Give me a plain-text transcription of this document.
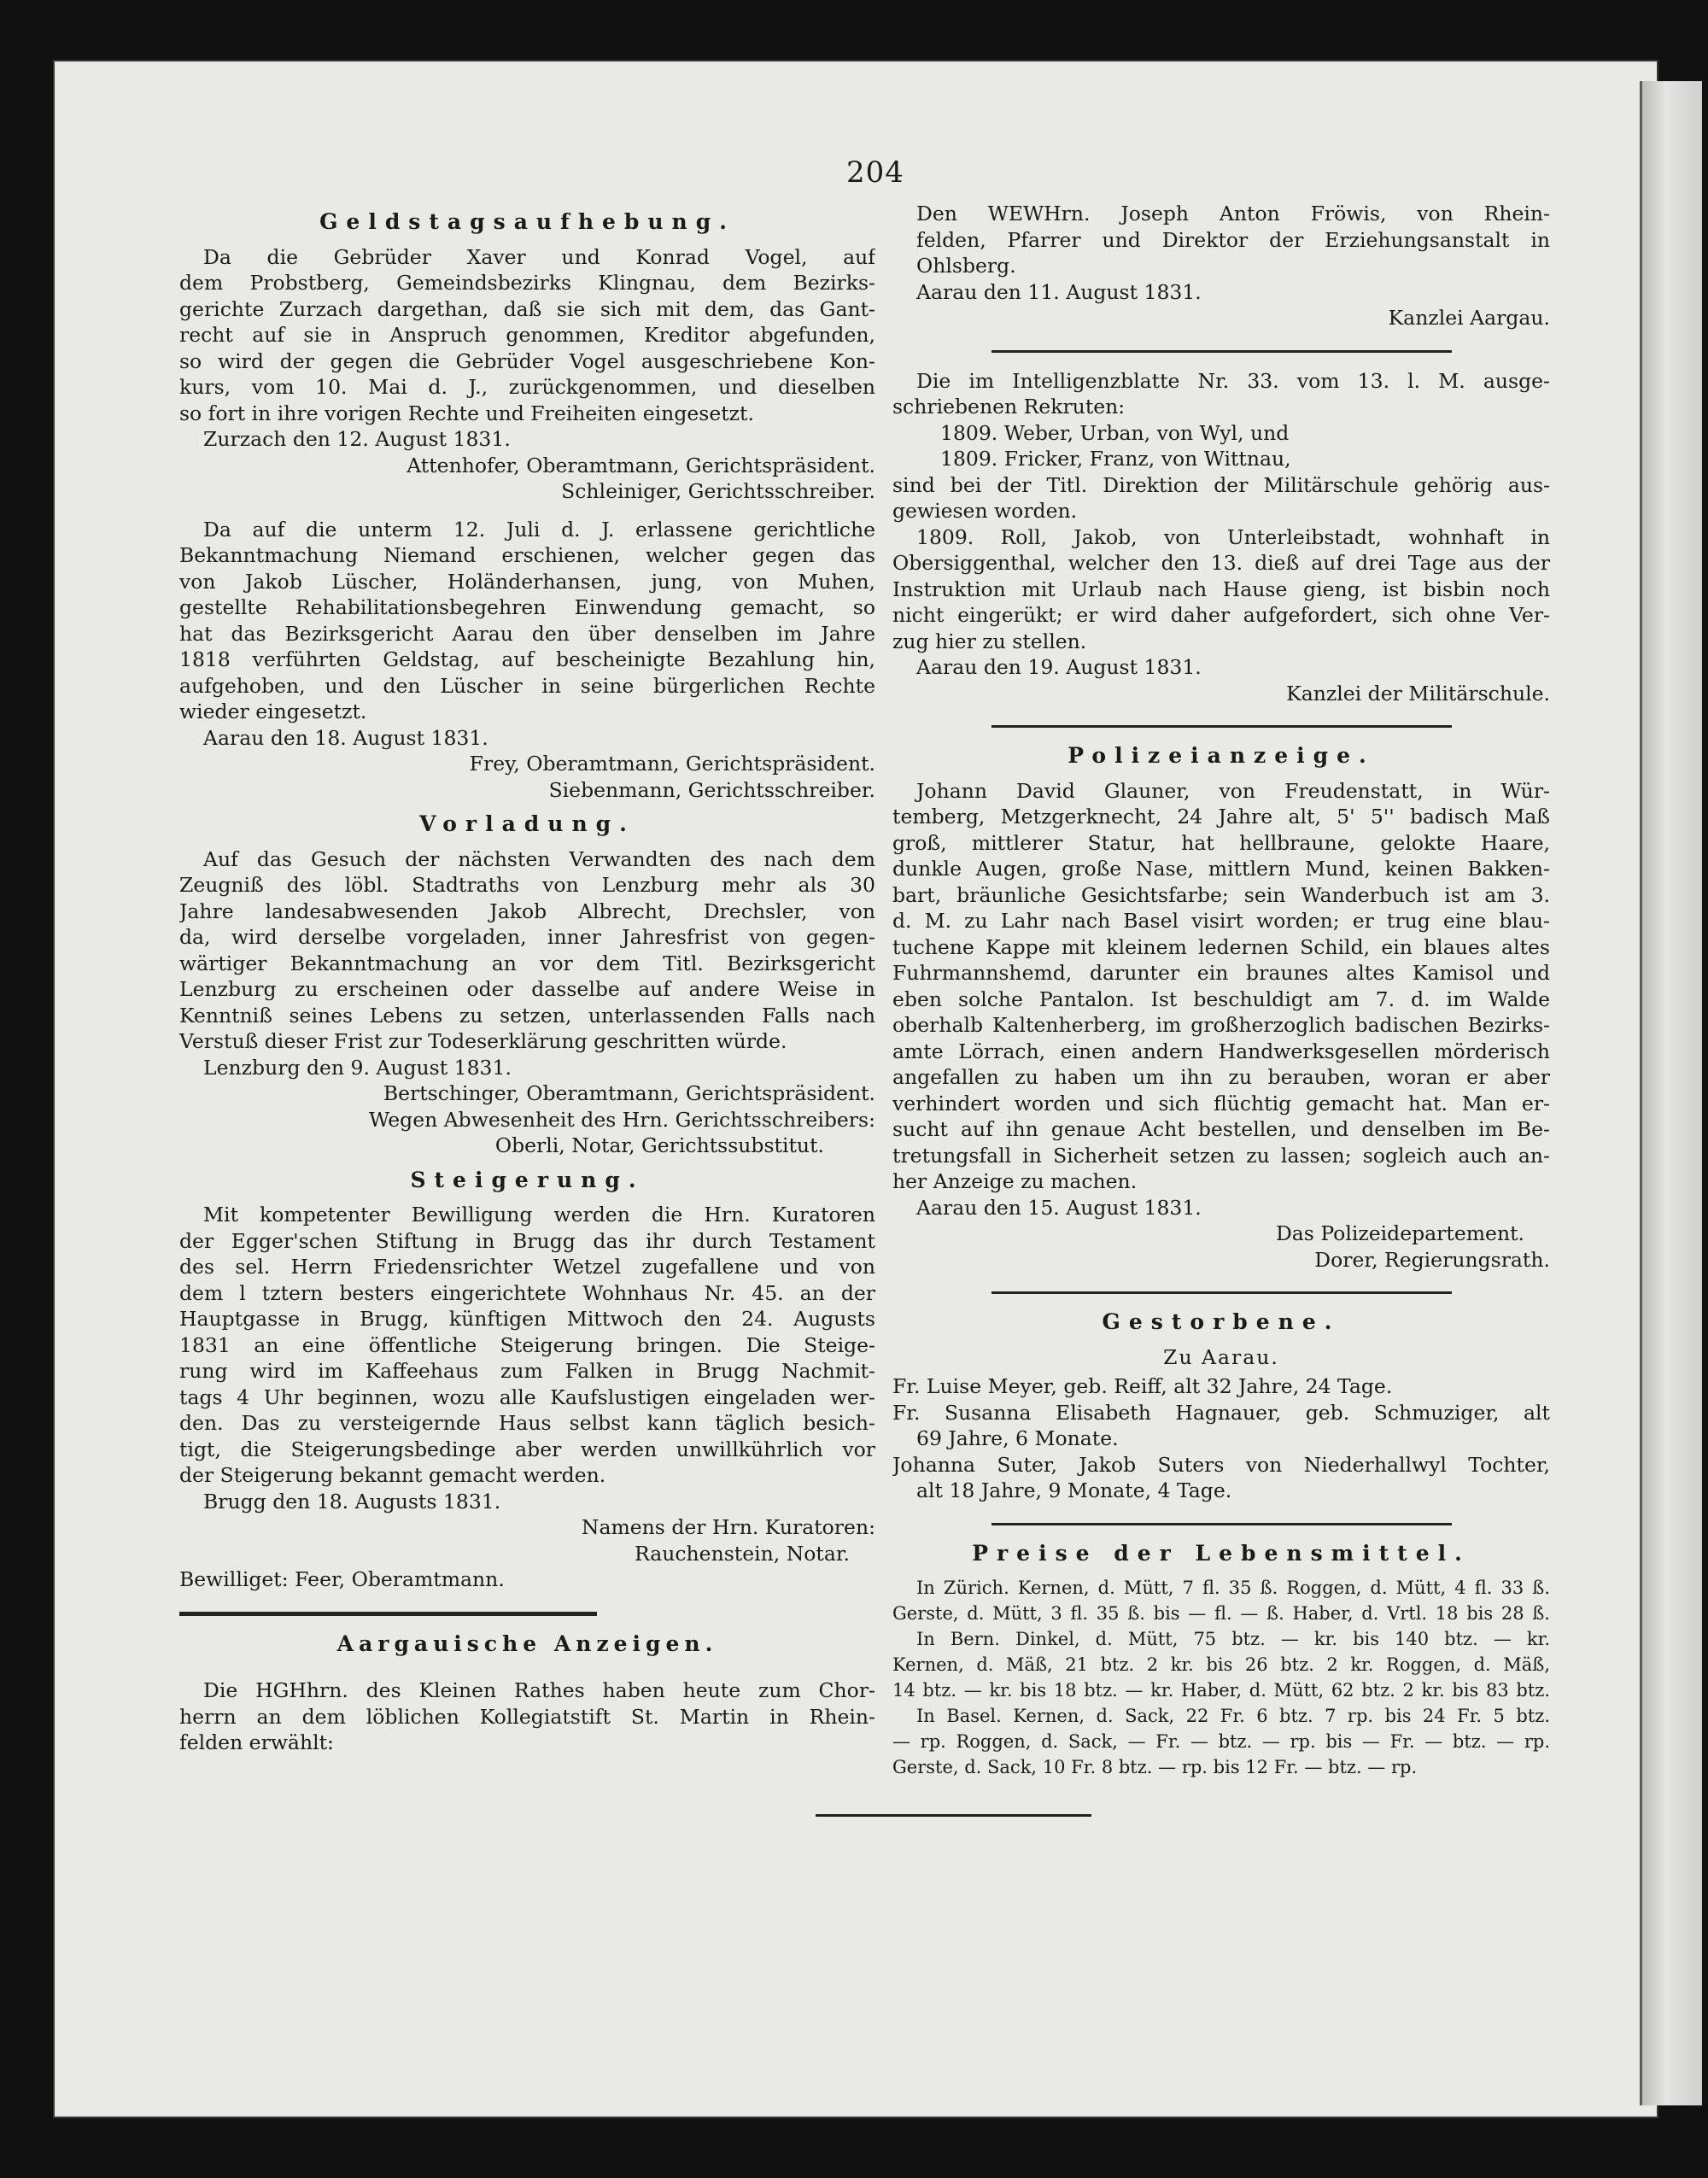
204
Geldstagsaufhebung.

Da die Gebrüder Xaver und Konrad Vogel, auf
dem Probstberg, Gemeindsbezirks Klingnau, dem Bezirks-
gerichte Zurzach dargethan, daß sie sich mit dem, das Gant-
recht auf sie in Anspruch genommen, Kreditor abgefunden,
so wird der gegen die Gebrüder Vogel ausgeschriebene Kon-
kurs, vom 10. Mai d. J., zurückgenommen, und dieselben
so fort in ihre vorigen Rechte und Freiheiten eingesetzt.

Zurzach den 12. August 1831.
Attenhofer, Oberamtmann, Gerichtspräsident.
Schleiniger, Gerichtsschreiber.

Da auf die unterm 12. Juli d. J. erlassene gerichtliche
Bekanntmachung Niemand erschienen, welcher gegen das
von Jakob Lüscher, Holänderhansen, jung, von Muhen,
gestellte Rehabilitationsbegehren Einwendung gemacht, so
hat das Bezirksgericht Aarau den über denselben im Jahre
1818 verführten Geldstag, auf bescheinigte Bezahlung hin,
aufgehoben, und den Lüscher in seine bürgerlichen Rechte
wieder eingesetzt.

Aarau den 18. August 1831.
Frey, Oberamtmann, Gerichtspräsident.
Siebenmann, Gerichtsschreiber.
Vorladung.

Auf das Gesuch der nächsten Verwandten des nach dem
Zeugniß des löbl. Stadtraths von Lenzburg mehr als 30
Jahre landesabwesenden Jakob Albrecht, Drechsler, von
da, wird derselbe vorgeladen, inner Jahresfrist von gegen-
wärtiger Bekanntmachung an vor dem Titl. Bezirksgericht
Lenzburg zu erscheinen oder dasselbe auf andere Weise in
Kenntniß seines Lebens zu setzen, unterlassenden Falls nach
Verstuß dieser Frist zur Todeserklärung geschritten würde.

Lenzburg den 9. August 1831.
Bertschinger, Oberamtmann, Gerichtspräsident.
Wegen Abwesenheit des Hrn. Gerichtsschreibers:
Oberli, Notar, Gerichtssubstitut.
Steigerung.

Mit kompetenter Bewilligung werden die Hrn. Kuratoren
der Egger'schen Stiftung in Brugg das ihr durch Testament
des sel. Herrn Friedensrichter Wetzel zugefallene und von
dem l tztern besters eingerichtete Wohnhaus Nr. 45. an der
Hauptgasse in Brugg, künftigen Mittwoch den 24. Augusts
1831 an eine öffentliche Steigerung bringen. Die Steige-
rung wird im Kaffeehaus zum Falken in Brugg Nachmit-
tags 4 Uhr beginnen, wozu alle Kaufslustigen eingeladen wer-
den. Das zu versteigernde Haus selbst kann täglich besich-
tigt, die Steigerungsbedinge aber werden unwillkührlich vor
der Steigerung bekannt gemacht werden.

Brugg den 18. Augusts 1831.
Namens der Hrn. Kuratoren:
Rauchenstein, Notar.
Bewilliget: Feer, Oberamtmann.
Aargauische Anzeigen.

Die HGHhrn. des Kleinen Rathes haben heute zum Chor-
herrn an dem löblichen Kollegiatstift St. Martin in Rhein-
felden erwählt:

Den WEWHrn. Joseph Anton Fröwis, von Rhein-
felden, Pfarrer und Direktor der Erziehungsanstalt in
Ohlsberg.

Aarau den 11. August 1831.
Kanzlei Aargau.

Die im Intelligenzblatte Nr. 33. vom 13. l. M. ausge-
schriebenen Rekruten:
1809. Weber, Urban, von Wyl, und
1809. Fricker, Franz, von Wittnau,
sind bei der Titl. Direktion der Militärschule gehörig aus-
gewiesen worden.
1809. Roll, Jakob, von Unterleibstadt, wohnhaft in
Obersiggenthal, welcher den 13. dieß auf drei Tage aus der
Instruktion mit Urlaub nach Hause gieng, ist bisbin noch
nicht eingerükt; er wird daher aufgefordert, sich ohne Ver-
zug hier zu stellen.

Aarau den 19. August 1831.
Kanzlei der Militärschule.
Polizeianzeige.

Johann David Glauner, von Freudenstatt, in Wür-
temberg, Metzgerknecht, 24 Jahre alt, 5' 5'' badisch Maß
groß, mittlerer Statur, hat hellbraune, gelokte Haare,
dunkle Augen, große Nase, mittlern Mund, keinen Bakken-
bart, bräunliche Gesichtsfarbe; sein Wanderbuch ist am 3.
d. M. zu Lahr nach Basel visirt worden; er trug eine blau-
tuchene Kappe mit kleinem ledernen Schild, ein blaues altes
Fuhrmannshemd, darunter ein braunes altes Kamisol und
eben solche Pantalon. Ist beschuldigt am 7. d. im Walde
oberhalb Kaltenherberg, im großherzoglich badischen Bezirks-
amte Lörrach, einen andern Handwerksgesellen mörderisch
angefallen zu haben um ihn zu berauben, woran er aber
verhindert worden und sich flüchtig gemacht hat. Man er-
sucht auf ihn genaue Acht bestellen, und denselben im Be-
tretungsfall in Sicherheit setzen zu lassen; sogleich auch an-
her Anzeige zu machen.

Aarau den 15. August 1831.
Das Polizeidepartement.
Dorer, Regierungsrath.
Gestorbene.
Zu Aarau.

Fr. Luise Meyer, geb. Reiff, alt 32 Jahre, 24 Tage.
Fr. Susanna Elisabeth Hagnauer, geb. Schmuziger, alt
69 Jahre, 6 Monate.
Johanna Suter, Jakob Suters von Niederhallwyl Tochter,
alt 18 Jahre, 9 Monate, 4 Tage.

Preise der Lebensmittel.

In Zürich. Kernen, d. Mütt, 7 fl. 35 ß. Roggen, d. Mütt, 4 fl. 33 ß.
Gerste, d. Mütt, 3 fl. 35 ß. bis — fl. — ß. Haber, d. Vrtl. 18 bis 28 ß.
In Bern. Dinkel, d. Mütt, 75 btz. — kr. bis 140 btz. — kr.
Kernen, d. Mäß, 21 btz. 2 kr. bis 26 btz. 2 kr. Roggen, d. Mäß,
14 btz. — kr. bis 18 btz. — kr. Haber, d. Mütt, 62 btz. 2 kr. bis 83 btz.
In Basel. Kernen, d. Sack, 22 Fr. 6 btz. 7 rp. bis 24 Fr. 5 btz.
— rp. Roggen, d. Sack, — Fr. — btz. — rp. bis — Fr. — btz. — rp.
Gerste, d. Sack, 10 Fr. 8 btz. — rp. bis 12 Fr. — btz. — rp.
